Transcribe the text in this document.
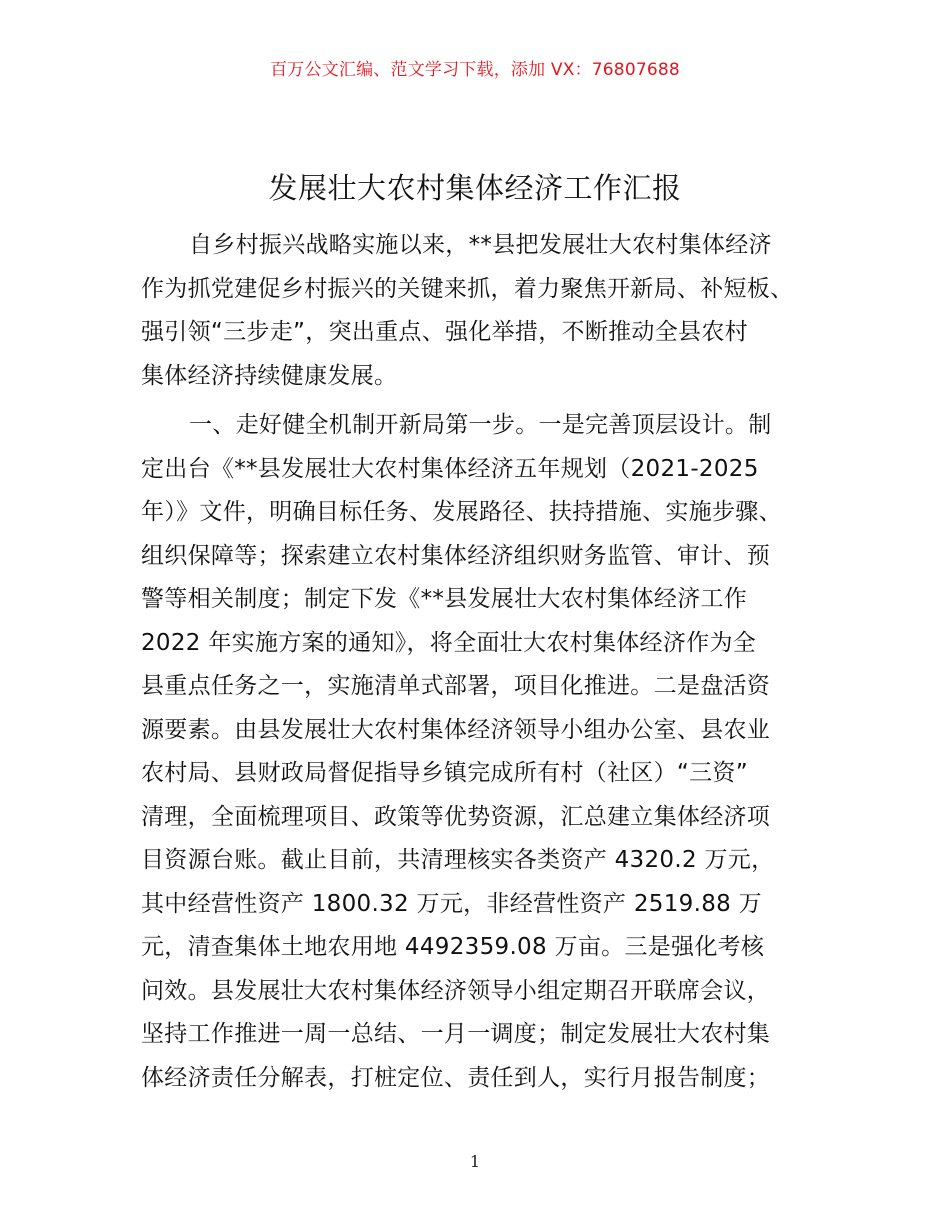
百万公文汇编、范文学习下载，添加 VX：76807688
发展壮大农村集体经济工作汇报
自乡村振兴战略实施以来，**县把发展壮大农村集体经济
作为抓党建促乡村振兴的关键来抓，着力聚焦开新局、补短板、
强引领“三步走”，突出重点、强化举措，不断推动全县农村
集体经济持续健康发展。
一、走好健全机制开新局第一步。一是完善顶层设计。制
定出台《**县发展壮大农村集体经济五年规划（2021-2025
年）》文件，明确目标任务、发展路径、扶持措施、实施步骤、
组织保障等；探索建立农村集体经济组织财务监管、审计、预
警等相关制度；制定下发《**县发展壮大农村集体经济工作
2022 年实施方案的通知》，将全面壮大农村集体经济作为全
县重点任务之一，实施清单式部署，项目化推进。二是盘活资
源要素。由县发展壮大农村集体经济领导小组办公室、县农业
农村局、县财政局督促指导乡镇完成所有村（社区）“三资”
清理，全面梳理项目、政策等优势资源，汇总建立集体经济项
目资源台账。截止目前，共清理核实各类资产 4320.2 万元，
其中经营性资产 1800.32 万元，非经营性资产 2519.88 万
元，清查集体土地农用地 4492359.08 万亩。三是强化考核
问效。县发展壮大农村集体经济领导小组定期召开联席会议，
坚持工作推进一周一总结、一月一调度；制定发展壮大农村集
体经济责任分解表，打桩定位、责任到人，实行月报告制度；
1
